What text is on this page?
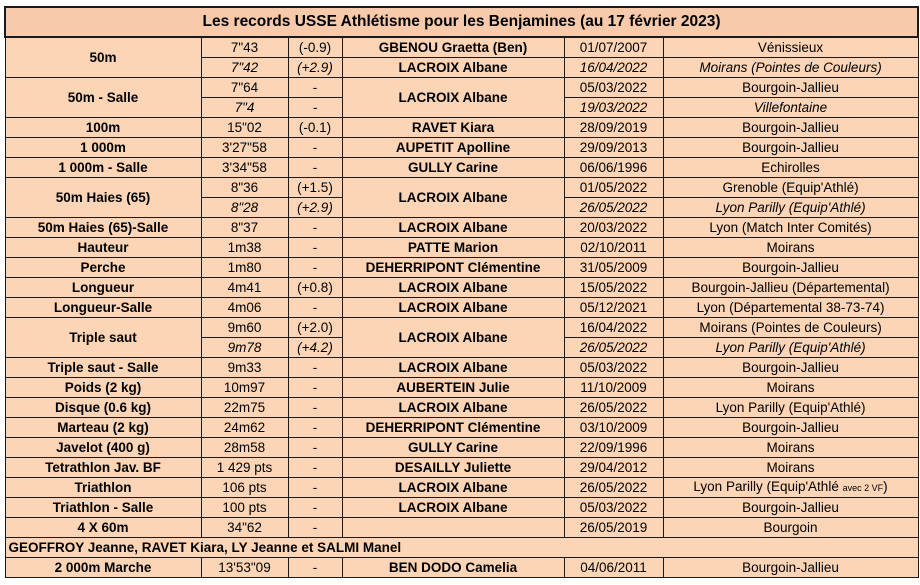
Les records USSE Athlétisme pour les Benjamines (au 17 février 2023)					
50m	7"43	(-0.9)	GBENOU Graetta (Ben)	01/07/2007	Vénissieux
	7"42	(+2.9)	LACROIX Albane	16/04/2022	Moirans (Pointes de Couleurs)
50m - Salle	7"64	-	LACROIX Albane	05/03/2022	Bourgoin-Jallieu
	7"4	-		19/03/2022	Villefontaine
100m	15"02	(-0.1)	RAVET Kiara	28/09/2019	Bourgoin-Jallieu
1 000m	3'27"58	-	AUPETIT Apolline	29/09/2013	Bourgoin-Jallieu
1 000m - Salle	3'34"58	-	GULLY Carine	06/06/1996	Echirolles
50m Haies (65)	8"36	(+1.5)	LACROIX Albane	01/05/2022	Grenoble (Equip'Athlé)
	8"28	(+2.9)		26/05/2022	Lyon Parilly (Equip'Athlé)
50m Haies (65)-Salle	8"37	-	LACROIX Albane	20/03/2022	Lyon (Match Inter Comités)
Hauteur	1m38	-	PATTE Marion	02/10/2011	Moirans
Perche	1m80	-	DEHERRIPONT Clémentine	31/05/2009	Bourgoin-Jallieu
Longueur	4m41	(+0.8)	LACROIX Albane	15/05/2022	Bourgoin-Jallieu (Départemental)
Longueur-Salle	4m06	-	LACROIX Albane	05/12/2021	Lyon (Départemental 38-73-74)
Triple saut	9m60	(+2.0)	LACROIX Albane	16/04/2022	Moirans (Pointes de Couleurs)
	9m78	(+4.2)		26/05/2022	Lyon Parilly (Equip'Athlé)
Triple saut - Salle	9m33	-	LACROIX Albane	05/03/2022	Bourgoin-Jallieu
Poids (2 kg)	10m97	-	AUBERTEIN Julie	11/10/2009	Moirans
Disque (0.6 kg)	22m75	-	LACROIX Albane	26/05/2022	Lyon Parilly (Equip'Athlé)
Marteau (2 kg)	24m62	-	DEHERRIPONT Clémentine	03/10/2009	Bourgoin-Jallieu
Javelot (400 g)	28m58	-	GULLY Carine	22/09/1996	Moirans
Tetrathlon Jav. BF	1 429 pts	-	DESAILLY Juliette	29/04/2012	Moirans
Triathlon	106 pts	-	LACROIX Albane	26/05/2022	Lyon Parilly (Equip'Athlé avec 2 VF)
Triathlon - Salle	100 pts	-	LACROIX Albane	05/03/2022	Bourgoin-Jallieu
4 X 60m	34"62	-		26/05/2019	Bourgoin
GEOFFROY Jeanne, RAVET Kiara, LY Jeanne et SALMI Manel					
2 000m Marche	13'53"09	-	BEN DODO Camelia	04/06/2011	Bourgoin-Jallieu
